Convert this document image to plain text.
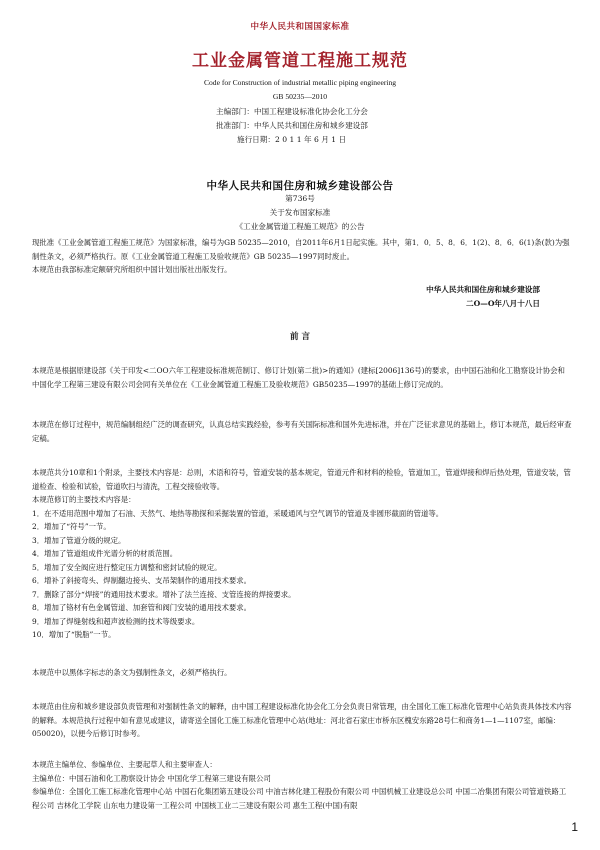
中华人民共和国国家标准
工业金属管道工程施工规范
Code for Construction of industrial metallic piping engineering
GB 50235—2010
主编部门：中国工程建设标准化协会化工分会
批准部门：中华人民共和国住房和城乡建设部
施行日期：2 0 1 1 年 6 月 1 日
中华人民共和国住房和城乡建设部公告
第736号
关于发布国家标准
《工业金属管道工程施工规范》的公告

现批准《工业金属管道工程施工规范》为国家标准，编号为GB 50235—2010，自2011年6月1日起实施。其中，第1．0．5、8．6．1(2)、8．6．6(1)条(款)为强制性条文，必须严格执行。原《工业金属管道工程施工及验收规范》GB 50235—1997同时废止。

本规范由我部标准定额研究所组织中国计划出版社出版发行。

中华人民共和国住房和城乡建设部
二O—O年八月十八日
前 言

本规范是根据原建设部《关于印发<二OO六年工程建设标准规范制订、修订计划(第二批)>的通知》(建标[2006]136号)的要求，由中国石油和化工勘察设计协会和中国化学工程第三建设有限公司会同有关单位在《工业金属管道工程施工及验收规范》GB50235—1997的基础上修订完成的。

本规范在修订过程中，规范编制组经广泛的调查研究，认真总结实践经验，参考有关国际标准和国外先进标准，并在广泛征求意见的基础上，修订本规范，最后经审查定稿。

本规范共分10章和1个附录，主要技术内容是：总则，术语和符号，管道安装的基本规定，管道元件和材料的检验，管道加工，管道焊接和焊后热处理，管道安装，管道检查、检验和试验，管道吹扫与清洗，工程交接验收等。

本规范修订的主要技术内容是：

1．在不适用范围中增加了石油、天然气、地热等勘探和采掘装置的管道，采暖通风与空气调节的管道及非圆形截面的管道等。

2．增加了“符号”一节。

3．增加了管道分级的规定。

4．增加了管道组成件光谱分析的材质范围。

5．增加了安全阀应进行整定压力调整和密封试验的规定。

6．增补了斜接弯头、焊制翻边接头、支吊架制作的通用技术要求。

7．删除了部分“焊接”的通用技术要求。增补了法兰连接、支管连接的焊接要求。

8．增加了铬材有色金属管道、加套管和阀门安装的通用技术要求。

9．增加了焊缝射线和超声波检测的技术等级要求。

10．增加了“脱脂”一节。

本规范中以黑体字标志的条文为强制性条文，必须严格执行。

本规范由住房和城乡建设部负责管理和对强制性条文的解释，由中国工程建设标准化协会化工分会负责日常管理，由全国化工施工标准化管理中心站负责具体技术内容的解释。本规范执行过程中如有意见或建议，请寄送全国化工施工标准化管理中心站(地址：河北省石家庄市桥东区槐安东路28号仁和商务1—1—1107室，邮编：050020)，以便今后修订时参考。

本规范主编单位、参编单位、主要起草人和主要审查人：

主编单位：中国石油和化工勘察设计协会 中国化学工程第三建设有限公司

参编单位：全国化工施工标准化管理中心站 中国石化集团第五建设公司 中油吉林化建工程股份有限公司 中国机械工业建设总公司 中国二冶集团有限公司管道铁路工程公司 吉林化工学院 山东电力建设第一工程公司 中国核工业二三建设有限公司 惠生工程(中国)有限

1
